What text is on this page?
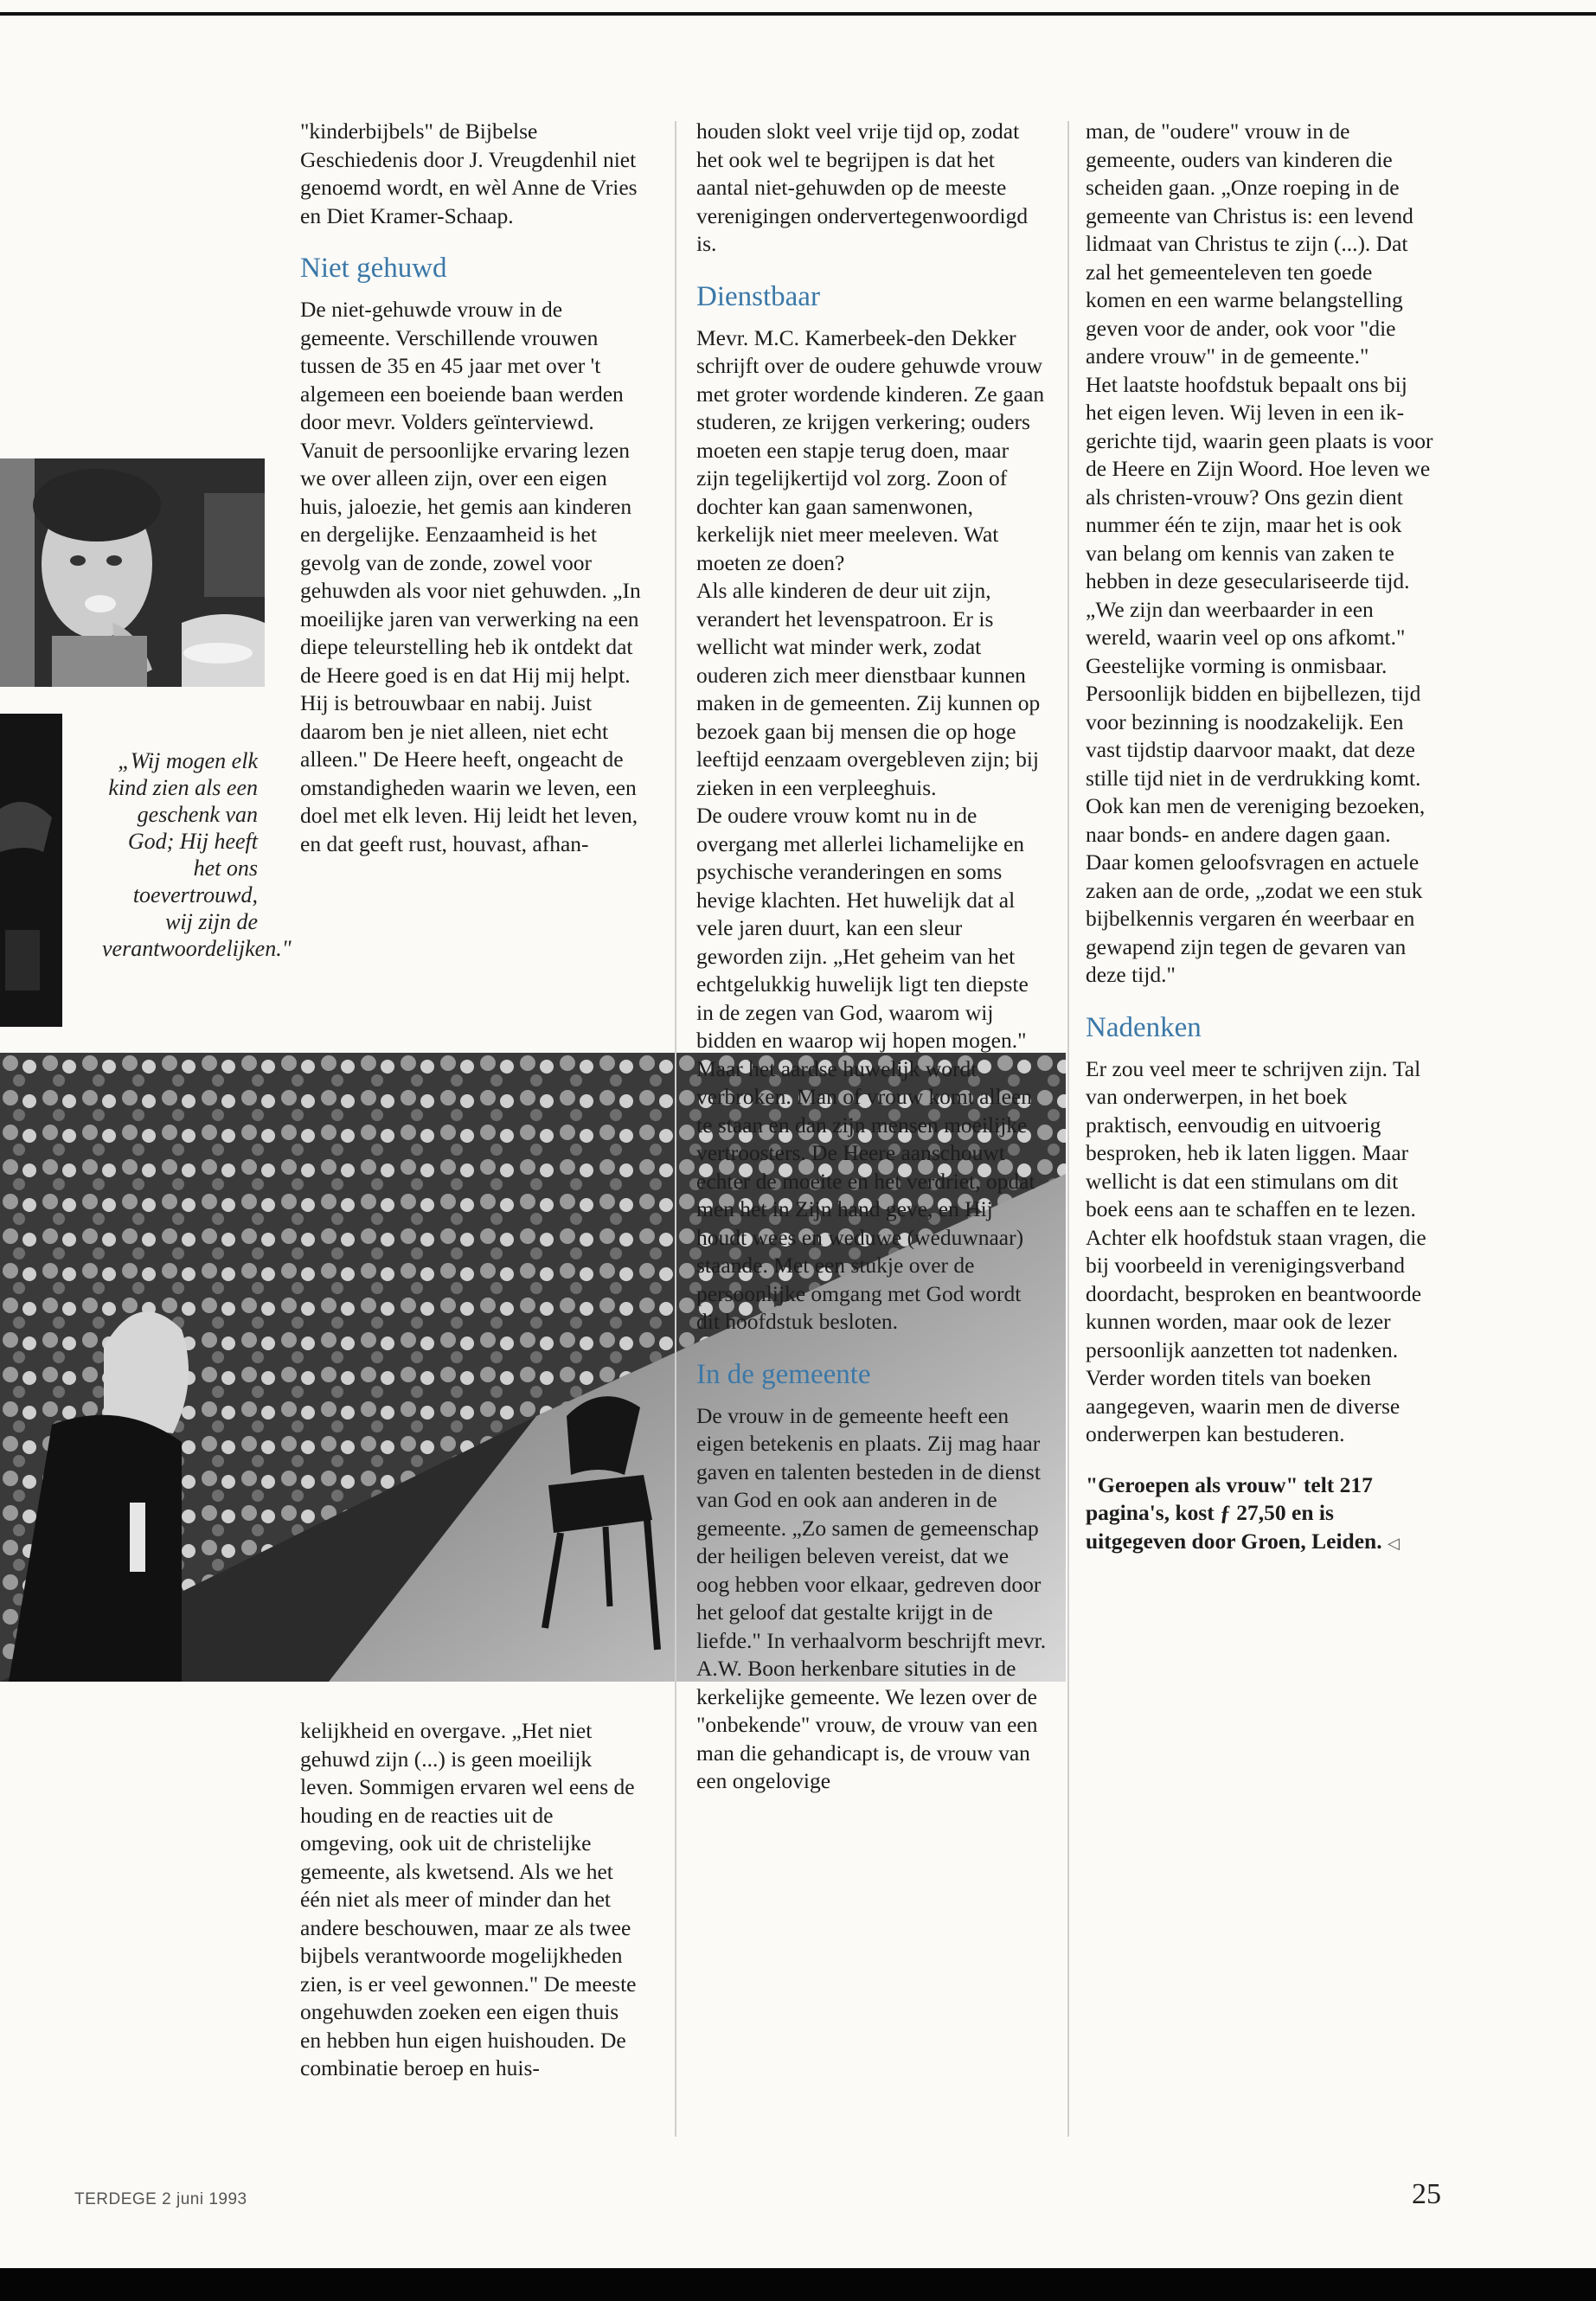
„Wij mogen elk kind zien als een geschenk van God; Hij heeft het ons toevertrouwd, wij zijn de verantwoordelijken."

"kinderbijbels" de Bijbelse Geschiedenis door J. Vreugdenhil niet genoemd wordt, en wèl Anne de Vries en Diet Kramer-Schaap.

Niet gehuwd

De niet-gehuwde vrouw in de gemeente. Verschillende vrouwen tussen de 35 en 45 jaar met over 't algemeen een boeiende baan werden door mevr. Volders geïnterviewd. Vanuit de persoonlijke ervaring lezen we over alleen zijn, over een eigen huis, jaloezie, het gemis aan kinderen en dergelijke. Eenzaamheid is het gevolg van de zonde, zowel voor gehuwden als voor niet gehuwden. „In moeilijke jaren van verwerking na een diepe teleurstelling heb ik ontdekt dat de Heere goed is en dat Hij mij helpt. Hij is betrouwbaar en nabij. Juist daarom ben je niet alleen, niet echt alleen." De Heere heeft, ongeacht de omstandigheden waarin we leven, een doel met elk leven. Hij leidt het leven, en dat geeft rust, houvast, afhan-

kelijkheid en overgave. „Het niet gehuwd zijn (...) is geen moeilijk leven. Sommigen ervaren wel eens de houding en de reacties uit de omgeving, ook uit de christelijke gemeente, als kwetsend. Als we het één niet als meer of minder dan het andere beschouwen, maar ze als twee bijbels verantwoorde mogelijkheden zien, is er veel gewonnen." De meeste ongehuwden zoeken een eigen thuis en hebben hun eigen huishouden. De combinatie beroep en huis-

houden slokt veel vrije tijd op, zodat het ook wel te begrijpen is dat het aantal niet-gehuwden op de meeste verenigingen ondervertegenwoordigd is.

Dienstbaar

Mevr. M.C. Kamerbeek-den Dekker schrijft over de oudere gehuwde vrouw met groter wordende kinderen. Ze gaan studeren, ze krijgen verkering; ouders moeten een stapje terug doen, maar zijn tegelijkertijd vol zorg. Zoon of dochter kan gaan samenwonen, kerkelijk niet meer meeleven. Wat moeten ze doen?

Als alle kinderen de deur uit zijn, verandert het levenspatroon. Er is wellicht wat minder werk, zodat ouderen zich meer dienstbaar kunnen maken in de gemeenten. Zij kunnen op bezoek gaan bij mensen die op hoge leeftijd eenzaam overgebleven zijn; bij zieken in een verpleeghuis.

De oudere vrouw komt nu in de overgang met allerlei lichamelijke en psychische veranderingen en soms hevige klachten. Het huwelijk dat al vele jaren duurt, kan een sleur geworden zijn. „Het geheim van het echtgelukkig huwelijk ligt ten diepste in de zegen van God, waarom wij bidden en waarop wij hopen mogen." Maar het aardse huwelijk wordt verbroken. Man of vrouw komt alleen te staan en dan zijn mensen moeilijke vertroosters. De Heere aanschouwt echter de moeite en het verdriet, opdat men het in Zijn hand geve, en Hij houdt wees en weduwe (weduwnaar) staande. Met een stukje over de persoonlijke omgang met God wordt dit hoofdstuk besloten.

In de gemeente

De vrouw in de gemeente heeft een eigen betekenis en plaats. Zij mag haar gaven en talenten besteden in de dienst van God en ook aan anderen in de gemeente. „Zo samen de gemeenschap der heiligen beleven vereist, dat we oog hebben voor elkaar, gedreven door het geloof dat gestalte krijgt in de liefde." In verhaalvorm beschrijft mevr. A.W. Boon herkenbare situties in de kerkelijke gemeente. We lezen over de "onbekende" vrouw, de vrouw van een man die gehandicapt is, de vrouw van een ongelovige

man, de "oudere" vrouw in de gemeente, ouders van kinderen die scheiden gaan. „Onze roeping in de gemeente van Christus is: een levend lidmaat van Christus te zijn (...). Dat zal het gemeenteleven ten goede komen en een warme belangstelling geven voor de ander, ook voor "die andere vrouw" in de gemeente."

Het laatste hoofdstuk bepaalt ons bij het eigen leven. Wij leven in een ik-gerichte tijd, waarin geen plaats is voor de Heere en Zijn Woord. Hoe leven we als christen-vrouw? Ons gezin dient nummer één te zijn, maar het is ook van belang om kennis van zaken te hebben in deze geseculariseerde tijd. „We zijn dan weerbaarder in een wereld, waarin veel op ons afkomt." Geestelijke vorming is onmisbaar. Persoonlijk bidden en bijbellezen, tijd voor bezinning is noodzakelijk. Een vast tijdstip daarvoor maakt, dat deze stille tijd niet in de verdrukking komt. Ook kan men de vereniging bezoeken, naar bonds- en andere dagen gaan. Daar komen geloofsvragen en actuele zaken aan de orde, „zodat we een stuk bijbelkennis vergaren én weerbaar en gewapend zijn tegen de gevaren van deze tijd."

Nadenken

Er zou veel meer te schrijven zijn. Tal van onderwerpen, in het boek praktisch, eenvoudig en uitvoerig besproken, heb ik laten liggen. Maar wellicht is dat een stimulans om dit boek eens aan te schaffen en te lezen. Achter elk hoofdstuk staan vragen, die bij voorbeeld in verenigingsverband doordacht, besproken en beantwoorde kunnen worden, maar ook de lezer persoonlijk aanzetten tot nadenken. Verder worden titels van boeken aangegeven, waarin men de diverse onderwerpen kan bestuderen.

"Geroepen als vrouw" telt 217 pagina's, kost ƒ 27,50 en is uitgegeven door Groen, Leiden. ◁

TERDEGE 2 juni 1993	25
